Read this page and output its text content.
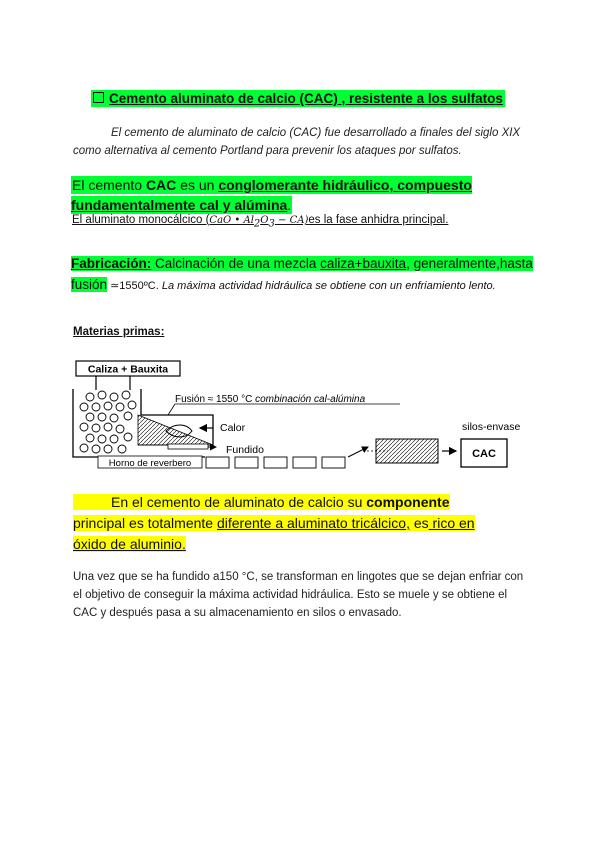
Cemento aluminato de calcio (CAC) , resistente a los sulfatos
El cemento de aluminato de calcio (CAC) fue desarrollado a finales del siglo XIX como alternativa al cemento Portland para prevenir los ataques por sulfatos.
El cemento CAC es un conglomerante hidráulico, compuesto fundamentalmente cal y alúmina.
El aluminato monocálcico (CaO • $Al_2O_3 - CA)es$ la fase anhidra principal.
Fabricación: Calcinación de una mezcla caliza+bauxita, generalmente,hasta fusión ≃1550ºC. La máxima actividad hidráulica se obtiene con un enfriamiento lento.
Materias primas:
Caliza + Bauxita
Fusión ≈ 1550 °C combinación cal-alúmina
Calor
Fundido
Horno de reverbero
silos-envase
CAC
En el cemento de aluminato de calcio su componente principal es totalmente diferente a aluminato tricálcico, es rico en óxido de aluminio.
Una vez que se ha fundido a150 °C, se transforman en lingotes que se dejan enfriar con el objetivo de conseguir la máxima actividad hidráulica. Esto se muele y se obtiene el CAC y después pasa a su almacenamiento en silos o envasado.
